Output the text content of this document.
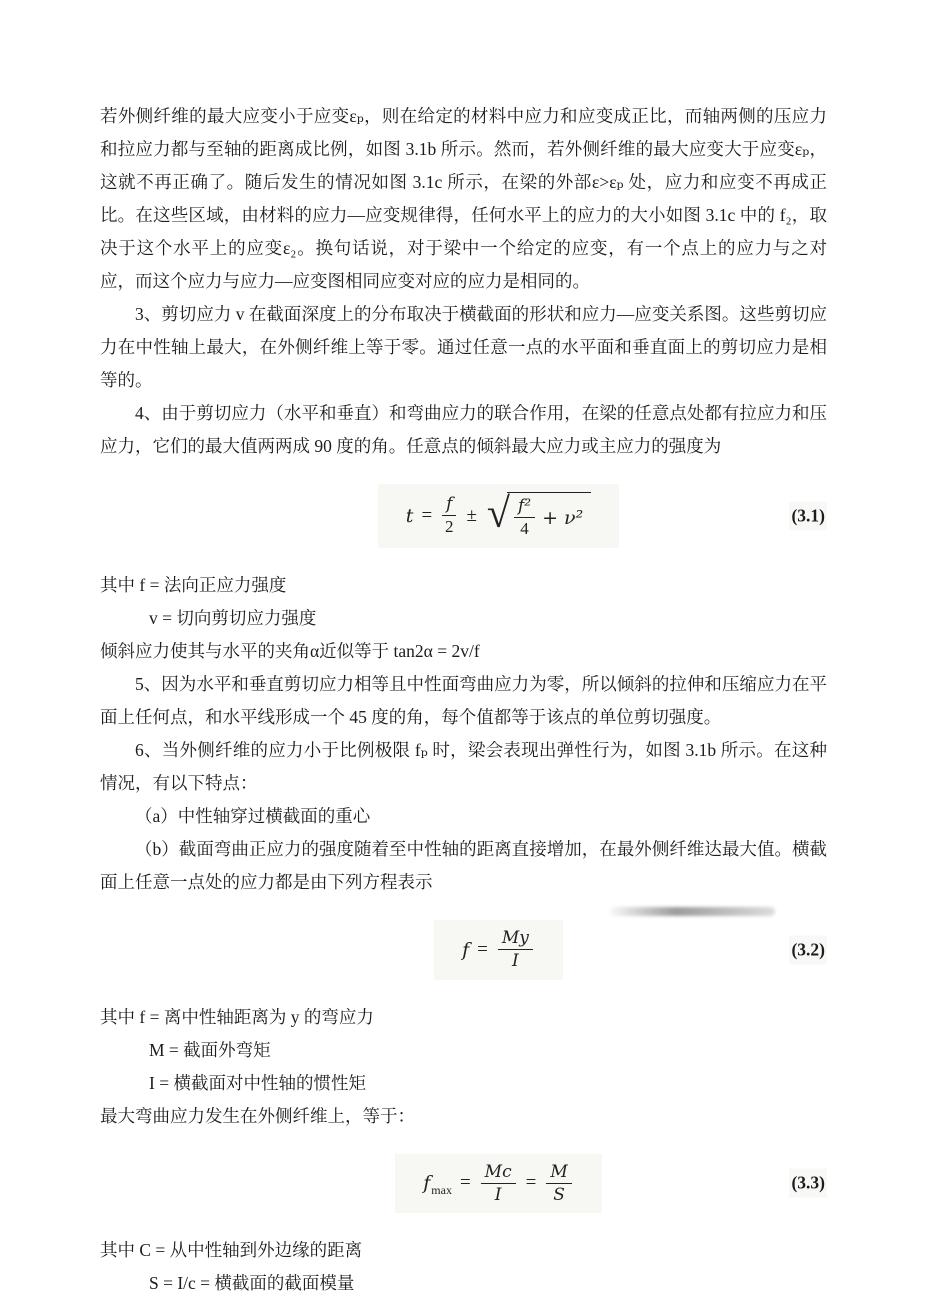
若外侧纤维的最大应变小于应变εₚ，则在给定的材料中应力和应变成正比，而轴两侧的压应力和拉应力都与至轴的距离成比例，如图 3.1b 所示。然而，若外侧纤维的最大应变大于应变εₚ，这就不再正确了。随后发生的情况如图 3.1c 所示，在梁的外部ε>εₚ 处，应力和应变不再成正比。在这些区域，由材料的应力—应变规律得，任何水平上的应力的大小如图 3.1c 中的 f₂，取决于这个水平上的应变ε₂。换句话说，对于梁中一个给定的应变，有一个点上的应力与之对应，而这个应力与应力—应变图相同应变对应的应力是相同的。

3、剪切应力 v 在截面深度上的分布取决于横截面的形状和应力—应变关系图。这些剪切应力在中性轴上最大，在外侧纤维上等于零。通过任意一点的水平面和垂直面上的剪切应力是相等的。

4、由于剪切应力（水平和垂直）和弯曲应力的联合作用，在梁的任意点处都有拉应力和压应力，它们的最大值两两成 90 度的角。任意点的倾斜最大应力或主应力的强度为

$t = \frac{f}{2}$ ± √ $\frac{\text{f²}}{4} + \nu^2$	(3.1)

其中 f = 法向正应力强度

v = 切向剪切应力强度

倾斜应力使其与水平的夹角α近似等于 tan2α = 2v/f

5、因为水平和垂直剪切应力相等且中性面弯曲应力为零，所以倾斜的拉伸和压缩应力在平面上任何点，和水平线形成一个 45 度的角，每个值都等于该点的单位剪切强度。

6、当外侧纤维的应力小于比例极限 fₚ 时，梁会表现出弹性行为，如图 3.1b 所示。在这种情况，有以下特点：

（a）中性轴穿过横截面的重心

（b）截面弯曲正应力的强度随着至中性轴的距离直接增加，在最外侧纤维达最大值。横截面上任意一点处的应力都是由下列方程表示

$f = \frac{My}{I}$	(3.2)

其中 f = 离中性轴距离为 y 的弯应力

M = 截面外弯矩

I = 横截面对中性轴的惯性矩

最大弯曲应力发生在外侧纤维上，等于：

f $\max = \frac{Mc}{I} = \frac{M}{S}$	(3.3)

其中 C = 从中性轴到外边缘的距离

S = I/c = 横截面的截面模量
